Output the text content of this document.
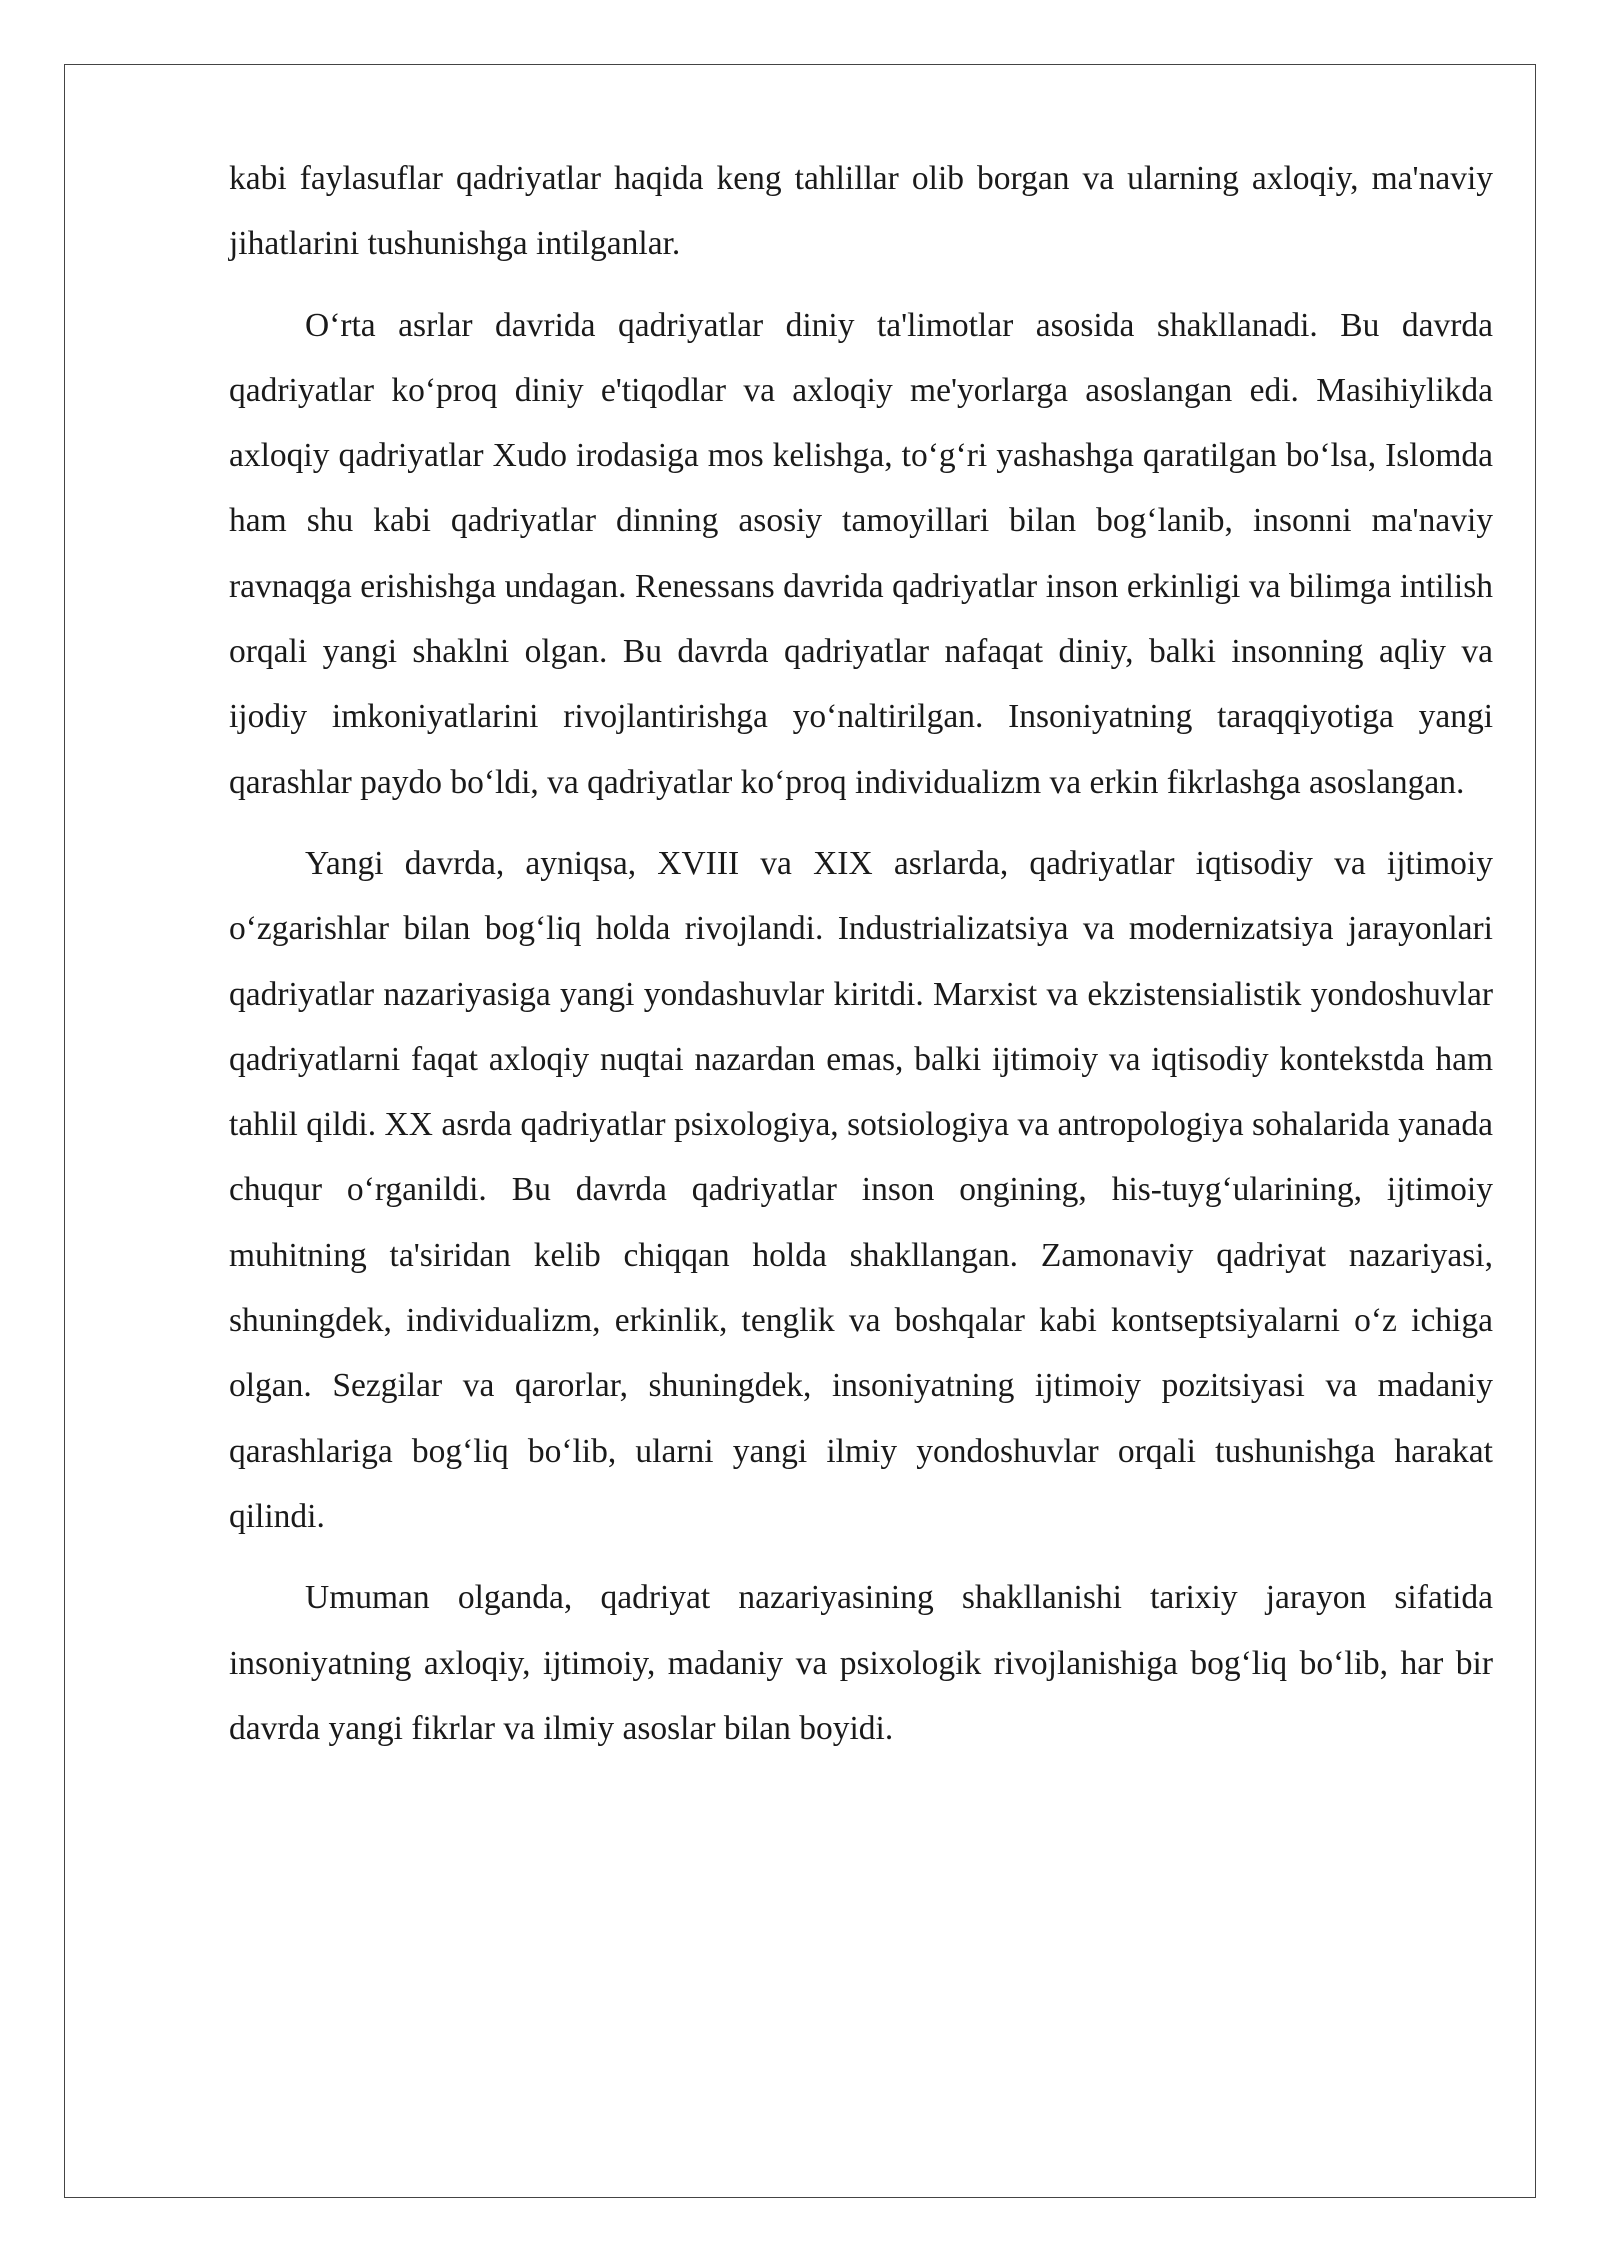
kabi faylasuflar qadriyatlar haqida keng tahlillar olib borgan va ularning axloqiy, ma'naviy jihatlarini tushunishga intilganlar.

O‘rta asrlar davrida qadriyatlar diniy ta'limotlar asosida shakllanadi. Bu davrda qadriyatlar ko‘proq diniy e'tiqodlar va axloqiy me'yorlarga asoslangan edi. Masihiylikda axloqiy qadriyatlar Xudo irodasiga mos kelishga, to‘g‘ri yashashga qaratilgan bo‘lsa, Islomda ham shu kabi qadriyatlar dinning asosiy tamoyillari bilan bog‘lanib, insonni ma'naviy ravnaqga erishishga undagan. Renessans davrida qadriyatlar inson erkinligi va bilimga intilish orqali yangi shaklni olgan. Bu davrda qadriyatlar nafaqat diniy, balki insonning aqliy va ijodiy imkoniyatlarini rivojlantirishga yo‘naltirilgan. Insoniyatning taraqqiyotiga yangi qarashlar paydo bo‘ldi, va qadriyatlar ko‘proq individualizm va erkin fikrlashga asoslangan.

Yangi davrda, ayniqsa, XVIII va XIX asrlarda, qadriyatlar iqtisodiy va ijtimoiy o‘zgarishlar bilan bog‘liq holda rivojlandi. Industrializatsiya va modernizatsiya jarayonlari qadriyatlar nazariyasiga yangi yondashuvlar kiritdi. Marxist va ekzistensialistik yondoshuvlar qadriyatlarni faqat axloqiy nuqtai nazardan emas, balki ijtimoiy va iqtisodiy kontekstda ham tahlil qildi. XX asrda qadriyatlar psixologiya, sotsiologiya va antropologiya sohalarida yanada chuqur o‘rganildi. Bu davrda qadriyatlar inson ongining, his-tuyg‘ularining, ijtimoiy muhitning ta'siridan kelib chiqqan holda shakllangan. Zamonaviy qadriyat nazariyasi, shuningdek, individualizm, erkinlik, tenglik va boshqalar kabi kontseptsiyalarni o‘z ichiga olgan. Sezgilar va qarorlar, shuningdek, insoniyatning ijtimoiy pozitsiyasi va madaniy qarashlariga bog‘liq bo‘lib, ularni yangi ilmiy yondoshuvlar orqali tushunishga harakat qilindi.

Umuman olganda, qadriyat nazariyasining shakllanishi tarixiy jarayon sifatida insoniyatning axloqiy, ijtimoiy, madaniy va psixologik rivojlanishiga bog‘liq bo‘lib, har bir davrda yangi fikrlar va ilmiy asoslar bilan boyidi.
